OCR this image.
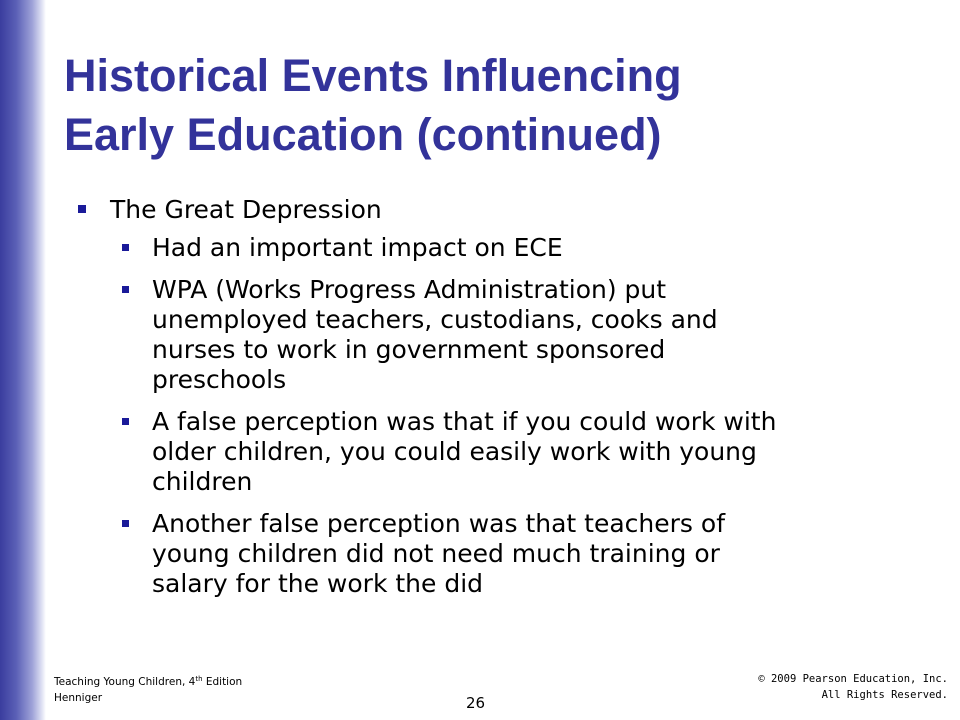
Historical Events Influencing
Early Education (continued)
The Great Depression
Had an important impact on ECE
WPA (Works Progress Administration) put
unemployed teachers, custodians, cooks and
nurses to work in government sponsored
preschools
A false perception was that if you could work with
older children, you could easily work with young
children
Another false perception was that teachers of
young children did not need much training or
salary for the work the did
Teaching Young Children, 4th Edition
Henniger
© 2009 Pearson Education, Inc.
All Rights Reserved.
26
